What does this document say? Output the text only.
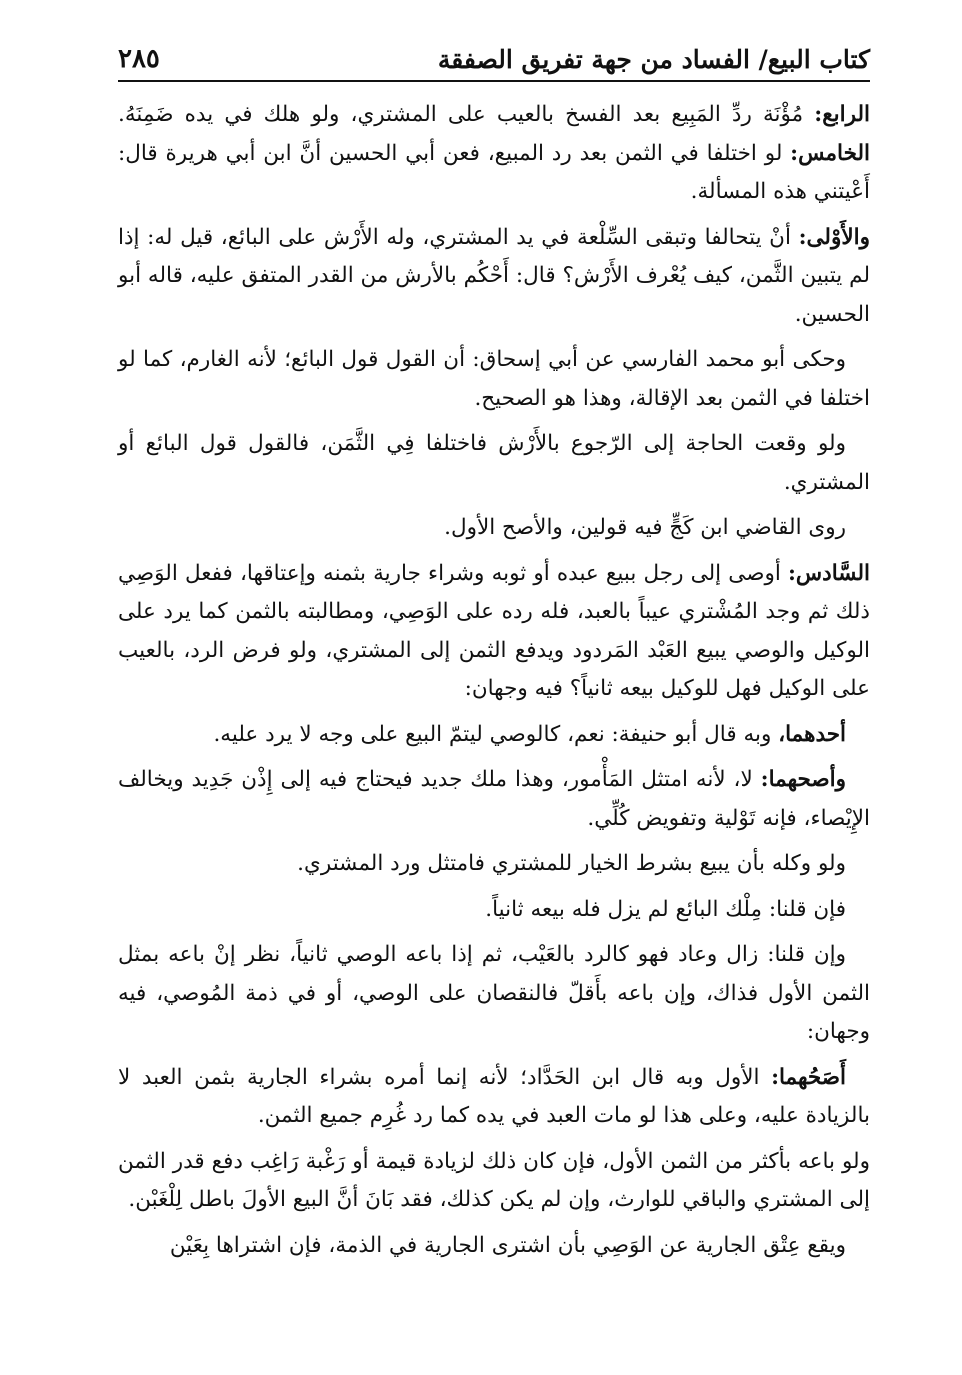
كتاب البيع/ الفساد من جهة تفريق الصفقة
٢٨٥

الرابع: مُؤْنَة ردِّ المَبِيع بعد الفسخ بالعيب على المشتري، ولو هلك في يده ضَمِنَهُ. الخامس: لو اختلفا في الثمن بعد رد المبيع، فعن أبي الحسين أنَّ ابن أبي هريرة قال: أَعْيتني هذه المسألة.

والأَوْلى: أنْ يتحالفا وتبقى السِّلْعة في يد المشتري، وله الأَرْش على البائع، قيل له: إذا لم يتبين الثَّمن، كيف يُعْرف الأَرْش؟ قال: أَحْكُم بالأرش من القدر المتفق عليه، قاله أبو الحسين.

وحكى أبو محمد الفارسي عن أبي إسحاق: أن القول قول البائع؛ لأنه الغارم، كما لو اختلفا في الثمن بعد الإقالة، وهذا هو الصحيح.

ولو وقعت الحاجة إلى الرّجوع بالأَرْش فاختلفا فِي الثَّمَن، فالقول قول البائع أو المشتري.

روى القاضي ابن كَجٍّ فيه قولين، والأصح الأول.

السَّادس: أوصى إلى رجل ببيع عبده أو ثوبه وشراء جارية بثمنه وإعتاقها، ففعل الوَصِي ذلك ثم وجد المُشْتري عيباً بالعبد، فله رده على الوَصِي، ومطالبته بالثمن كما يرد على الوكيل والوصي يبيع العَبْد المَردود ويدفع الثمن إلى المشتري، ولو فرض الرد، بالعيب على الوكيل فهل للوكيل بيعه ثانياً؟ فيه وجهان:

أحدهما، وبه قال أبو حنيفة: نعم، كالوصي ليتمّ البيع على وجه لا يرد عليه.

وأصحهما: لا، لأنه امتثل المَأْمور، وهذا ملك جديد فيحتاج فيه إلى إِذْن جَدِيد ويخالف الإِيْصاء، فإنه تَوْلية وتفويض كُلِّي.

ولو وكله بأن يبيع بشرط الخيار للمشتري فامتثل ورد المشتري.

فإن قلنا: مِلْك البائع لم يزل فله بيعه ثانياً.

وإن قلنا: زال وعاد فهو كالرد بالعَيْب، ثم إذا باعه الوصي ثانياً، نظر إنْ باعه بمثل الثمن الأول فذاك، وإن باعه بأَقلّ فالنقصان على الوصي، أو في ذمة المُوصي، فيه وجهان:

أَصَحُهما: الأول وبه قال ابن الحَدَّاد؛ لأنه إنما أمره بشراء الجارية بثمن العبد لا بالزيادة عليه، وعلى هذا لو مات العبد في يده كما رد غُرِم جميع الثمن.

ولو باعه بأكثر من الثمن الأول، فإن كان ذلك لزيادة قيمة أو رَغْبة رَاغِب دفع قدر الثمن إلى المشتري والباقي للوارث، وإن لم يكن كذلك، فقد بَانَ أنَّ البيع الأولَ باطل لِلْغَبْن.

ويقع عِتْق الجارية عن الوَصِي بأن اشترى الجارية في الذمة، فإن اشتراها بِعَيْن
